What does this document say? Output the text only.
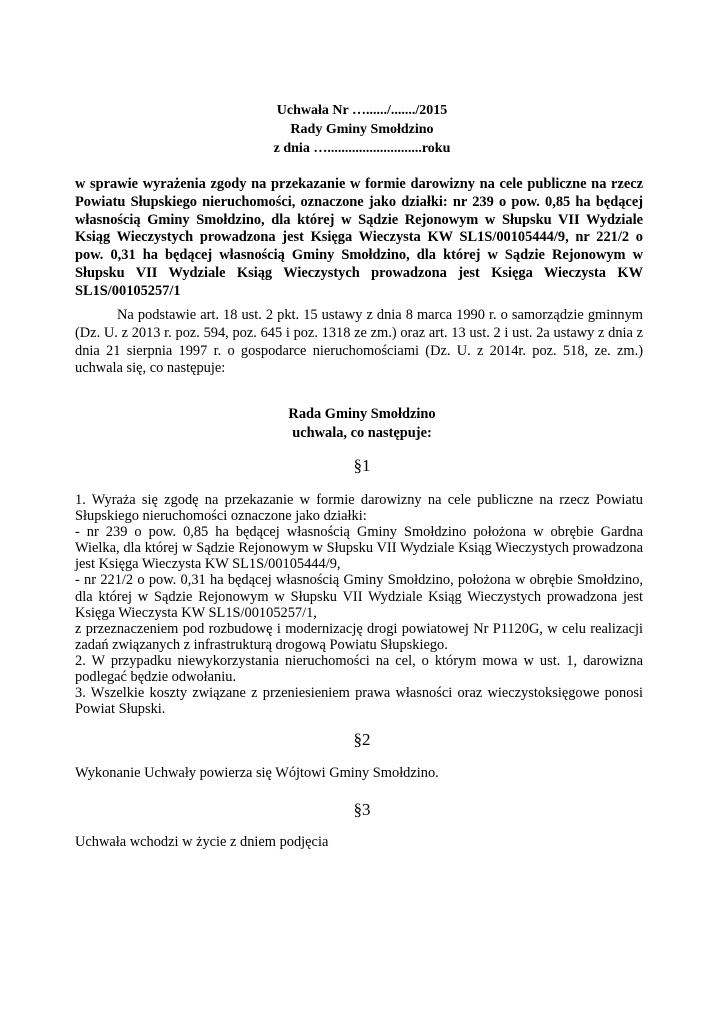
Uchwała Nr …....../......./2015
Rady Gminy Smołdzino
z dnia …...........................roku
w sprawie wyrażenia zgody na przekazanie w formie darowizny na cele publiczne na rzecz Powiatu Słupskiego nieruchomości, oznaczone jako działki: nr 239 o pow. 0,85 ha będącej własnością Gminy Smołdzino, dla której w Sądzie Rejonowym w Słupsku VII Wydziale Ksiąg Wieczystych prowadzona jest Księga Wieczysta KW SL1S/00105444/9, nr 221/2 o pow. 0,31 ha będącej własnością Gminy Smołdzino, dla której w Sądzie Rejonowym w Słupsku VII Wydziale Ksiąg Wieczystych prowadzona jest Księga Wieczysta KW SL1S/00105257/1
Na podstawie art. 18 ust. 2 pkt. 15 ustawy z dnia 8 marca 1990 r. o samorządzie gminnym (Dz. U. z 2013 r. poz. 594, poz. 645 i poz. 1318 ze zm.) oraz art. 13 ust. 2 i ust. 2a ustawy z dnia z dnia 21 sierpnia 1997 r. o gospodarce nieruchomościami (Dz. U. z 2014r. poz. 518, ze. zm.) uchwala się, co następuje:
Rada Gminy Smołdzino
uchwala, co następuje:
§1

1. Wyraża się zgodę na przekazanie w formie darowizny na cele publiczne na rzecz Powiatu Słupskiego nieruchomości oznaczone jako działki:

- nr 239 o pow. 0,85 ha będącej własnością Gminy Smołdzino położona w obrębie Gardna Wielka, dla której w Sądzie Rejonowym w Słupsku VII Wydziale Ksiąg Wieczystych prowadzona jest Księga Wieczysta KW SL1S/00105444/9,

- nr 221/2 o pow. 0,31 ha będącej własnością Gminy Smołdzino, położona w obrębie Smołdzino, dla której w Sądzie Rejonowym w Słupsku VII Wydziale Ksiąg Wieczystych prowadzona jest Księga Wieczysta KW SL1S/00105257/1,

z przeznaczeniem pod rozbudowę i modernizację drogi powiatowej Nr P1120G, w celu realizacji zadań związanych z infrastrukturą drogową Powiatu Słupskiego.

2. W przypadku niewykorzystania nieruchomości na cel, o którym mowa w ust. 1, darowizna podlegać będzie odwołaniu.

3. Wszelkie koszty związane z przeniesieniem prawa własności oraz wieczystoksięgowe ponosi Powiat Słupski.

§2
Wykonanie Uchwały powierza się Wójtowi Gminy Smołdzino.
§3
Uchwała wchodzi w życie z dniem podjęcia
